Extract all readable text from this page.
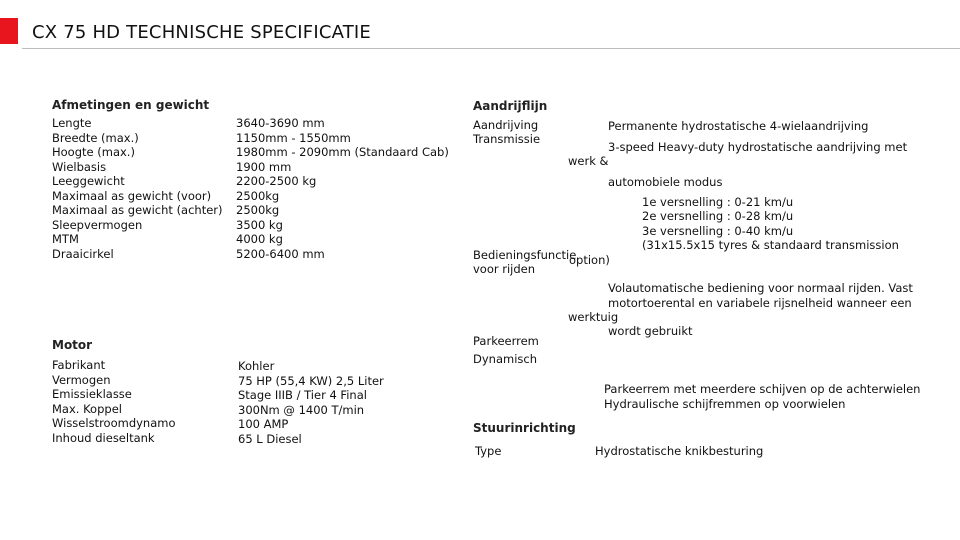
CX 75 HD TECHNISCHE SPECIFICATIE
Afmetingen en gewicht
Lengte
Breedte (max.)
Hoogte (max.)
Wielbasis
Leeggewicht
Maximaal as gewicht (voor)
Maximaal as gewicht (achter)
Sleepvermogen
MTM
Draaicirkel
3640-3690 mm
1150mm - 1550mm
1980mm - 2090mm (Standaard Cab)
1900 mm
2200-2500 kg
2500kg
2500kg
3500 kg
4000 kg
5200-6400 mm
Motor
Fabrikant
Vermogen
Emissieklasse
Max. Koppel
Wisselstroomdynamo
Inhoud dieseltank
Kohler
75 HP (55,4 KW) 2,5 Liter
Stage IIIB / Tier 4 Final
300Nm @ 1400 T/min
100 AMP
65 L Diesel
Aandrijflijn
Aandrijving
Transmissie
Permanente hydrostatische 4-wielaandrijving
3-speed Heavy-duty hydrostatische aandrijving met
werk &
automobiele modus
1e versnelling : 0-21 km/u
2e versnelling : 0-28 km/u
3e versnelling : 0-40 km/u
(31x15.5x15 tyres & standaard transmission
Bedieningsfunctie
option)
voor rijden
Volautomatische bediening voor normaal rijden. Vast
motortoerental en variabele rijsnelheid wanneer een
werktuig
wordt gebruikt
Parkeerrem
Dynamisch
Parkeerrem met meerdere schijven op de achterwielen
Hydraulische schijfremmen op voorwielen
Stuurinrichting
Type	Hydrostatische knikbesturing
